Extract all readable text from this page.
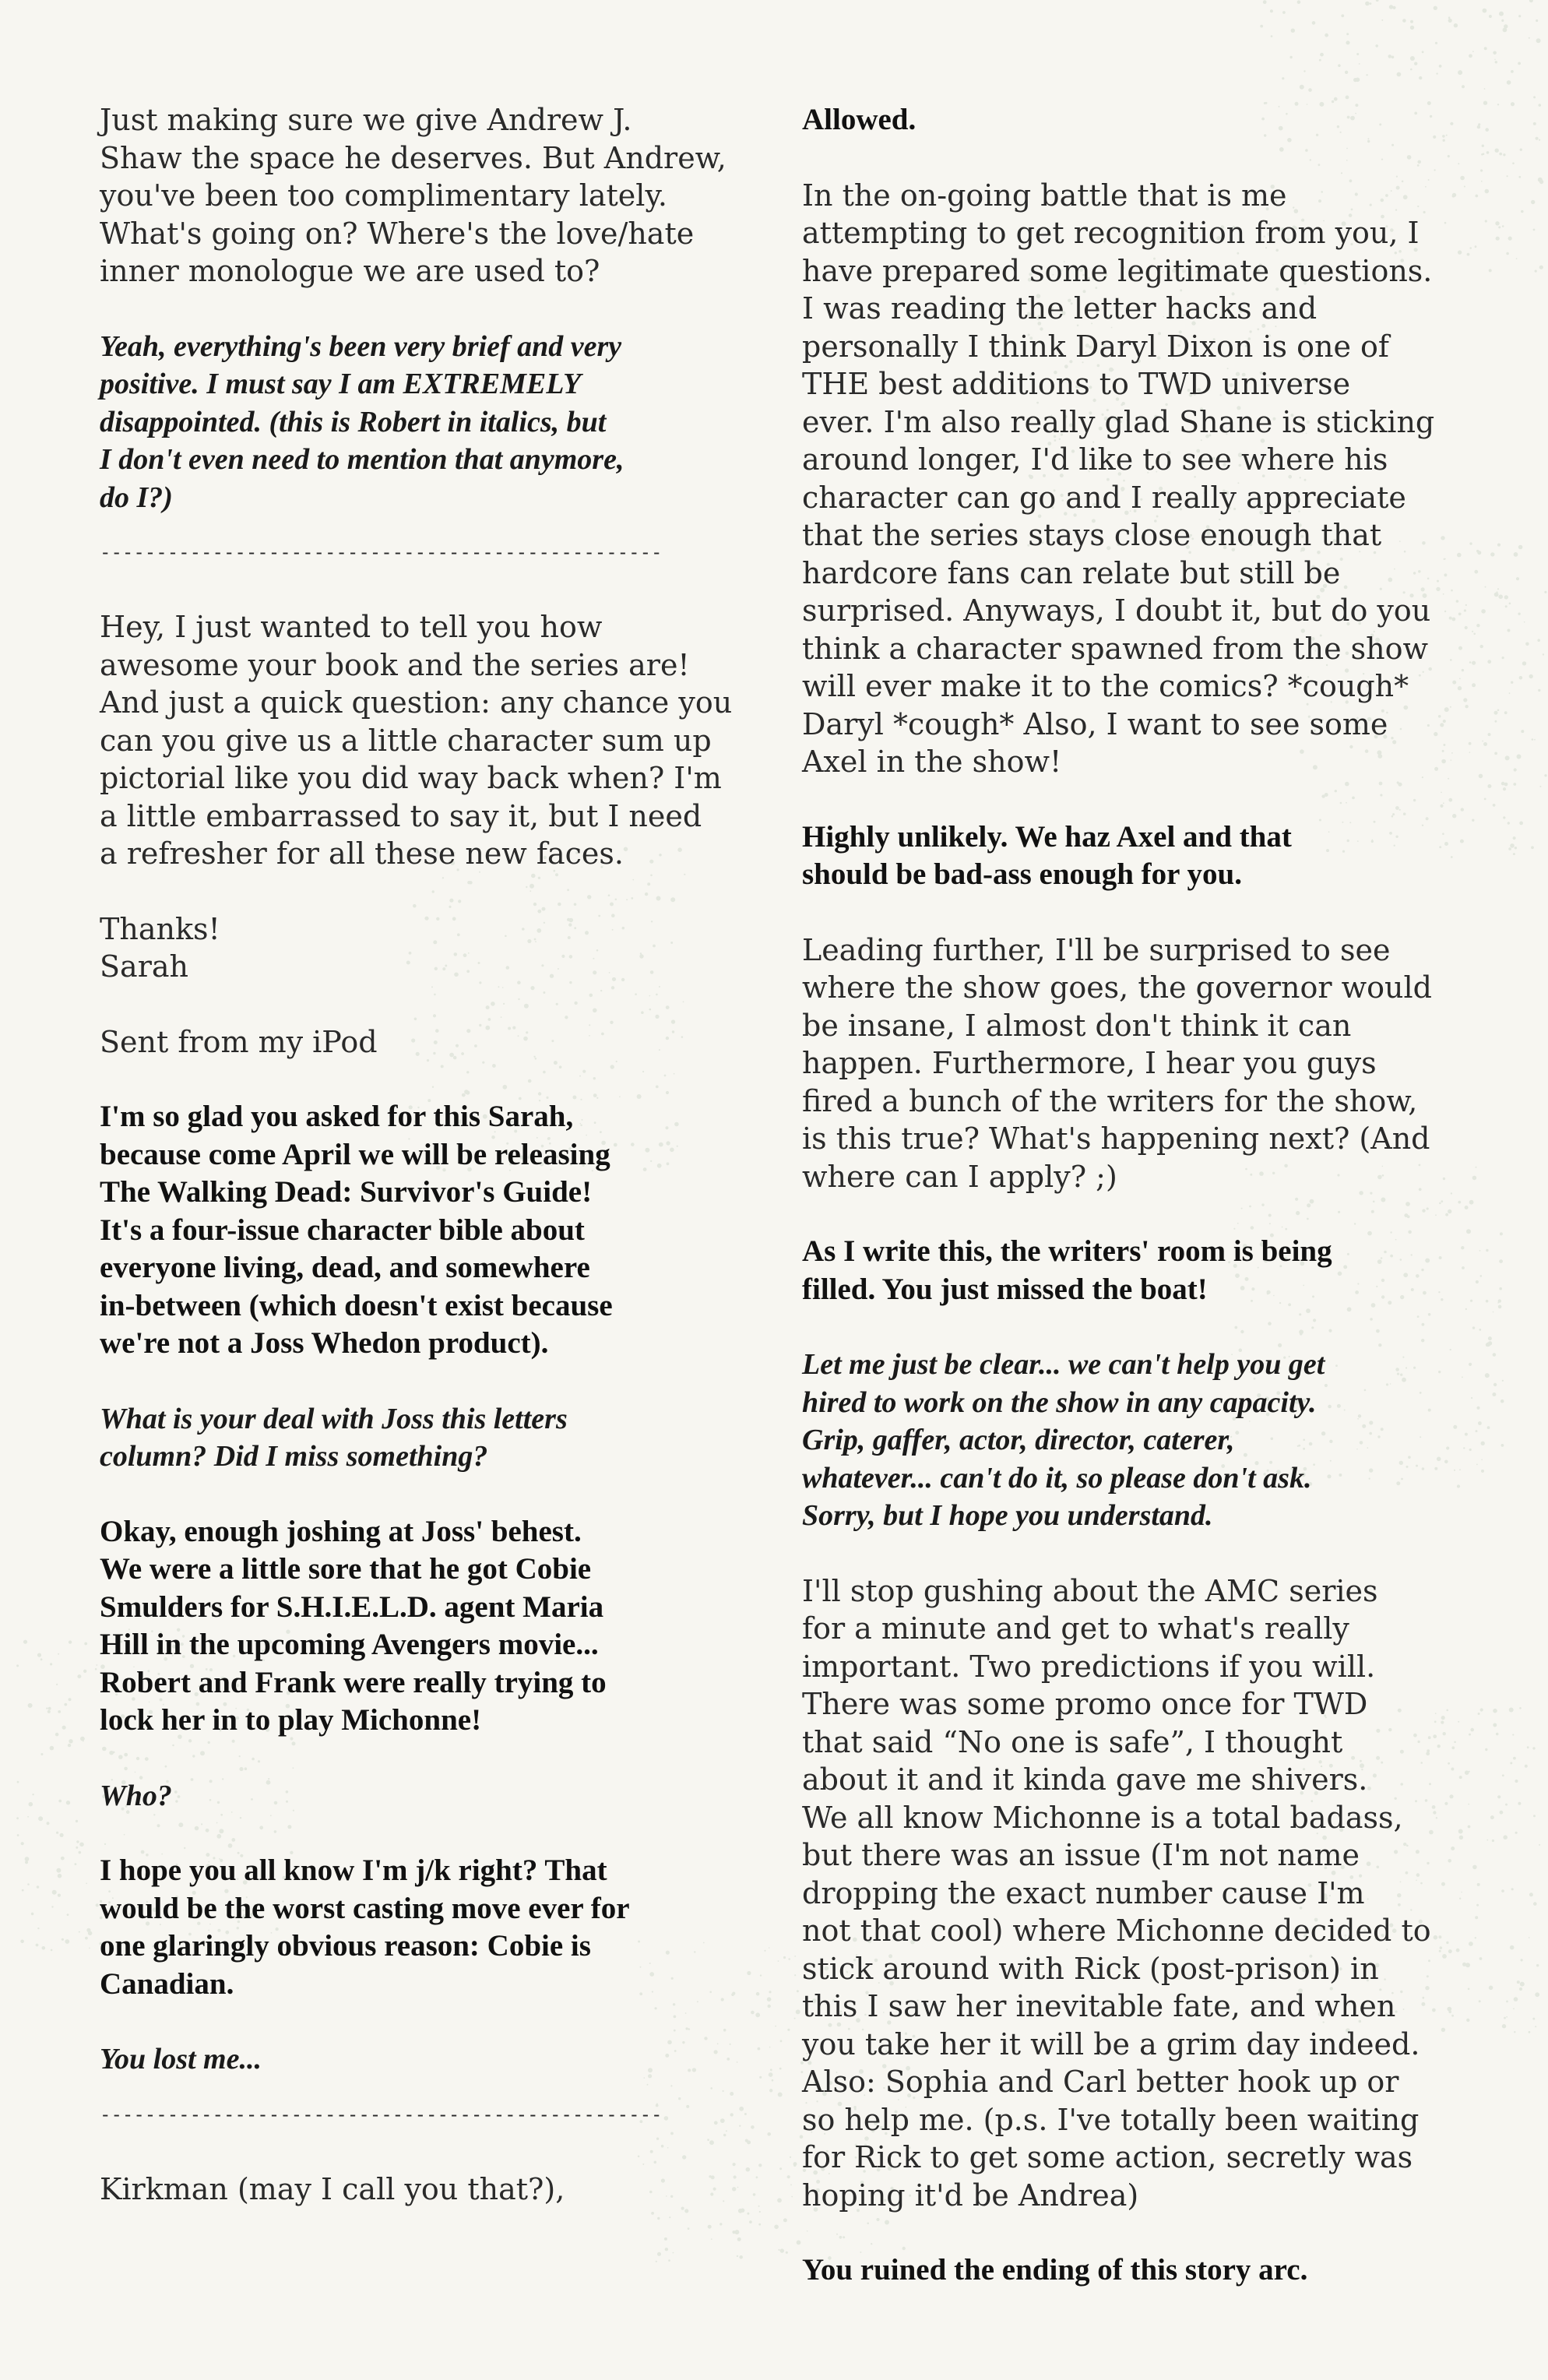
Just making sure we give Andrew J.
Shaw the space he deserves. But Andrew,
you've been too complimentary lately.
What's going on? Where's the love/hate
inner monologue we are used to?

Yeah, everything's been very brief and very
positive. I must say I am EXTREMELY
disappointed. (this is Robert in italics, but
I don't even need to mention that anymore,
do I?)

--------------------------------------------------

Hey, I just wanted to tell you how
awesome your book and the series are!
And just a quick question: any chance you
can you give us a little character sum up
pictorial like you did way back when? I'm
a little embarrassed to say it, but I need
a refresher for all these new faces.

Thanks!
Sarah

Sent from my iPod

I'm so glad you asked for this Sarah,
because come April we will be releasing
The Walking Dead: Survivor's Guide!
It's a four-issue character bible about
everyone living, dead, and somewhere
in-between (which doesn't exist because
we're not a Joss Whedon product).

What is your deal with Joss this letters
column? Did I miss something?

Okay, enough joshing at Joss' behest.
We were a little sore that he got Cobie
Smulders for S.H.I.E.L.D. agent Maria
Hill in the upcoming Avengers movie...
Robert and Frank were really trying to
lock her in to play Michonne!

Who?

I hope you all know I'm j/k right? That
would be the worst casting move ever for
one glaringly obvious reason: Cobie is
Canadian.

You lost me...

--------------------------------------------------

Kirkman (may I call you that?),

Allowed.

In the on-going battle that is me
attempting to get recognition from you, I
have prepared some legitimate questions.
I was reading the letter hacks and
personally I think Daryl Dixon is one of
THE best additions to TWD universe
ever. I'm also really glad Shane is sticking
around longer, I'd like to see where his
character can go and I really appreciate
that the series stays close enough that
hardcore fans can relate but still be
surprised. Anyways, I doubt it, but do you
think a character spawned from the show
will ever make it to the comics? *cough*
Daryl *cough* Also, I want to see some
Axel in the show!

Highly unlikely. We haz Axel and that
should be bad-ass enough for you.

Leading further, I'll be surprised to see
where the show goes, the governor would
be insane, I almost don't think it can
happen. Furthermore, I hear you guys
fired a bunch of the writers for the show,
is this true? What's happening next? (And
where can I apply? ;)

As I write this, the writers' room is being
filled. You just missed the boat!

Let me just be clear... we can't help you get
hired to work on the show in any capacity.
Grip, gaffer, actor, director, caterer,
whatever... can't do it, so please don't ask.
Sorry, but I hope you understand.

I'll stop gushing about the AMC series
for a minute and get to what's really
important. Two predictions if you will.
There was some promo once for TWD
that said “No one is safe”, I thought
about it and it kinda gave me shivers.
We all know Michonne is a total badass,
but there was an issue (I'm not name
dropping the exact number cause I'm
not that cool) where Michonne decided to
stick around with Rick (post-prison) in
this I saw her inevitable fate, and when
you take her it will be a grim day indeed.
Also: Sophia and Carl better hook up or
so help me. (p.s. I've totally been waiting
for Rick to get some action, secretly was
hoping it'd be Andrea)

You ruined the ending of this story arc.
